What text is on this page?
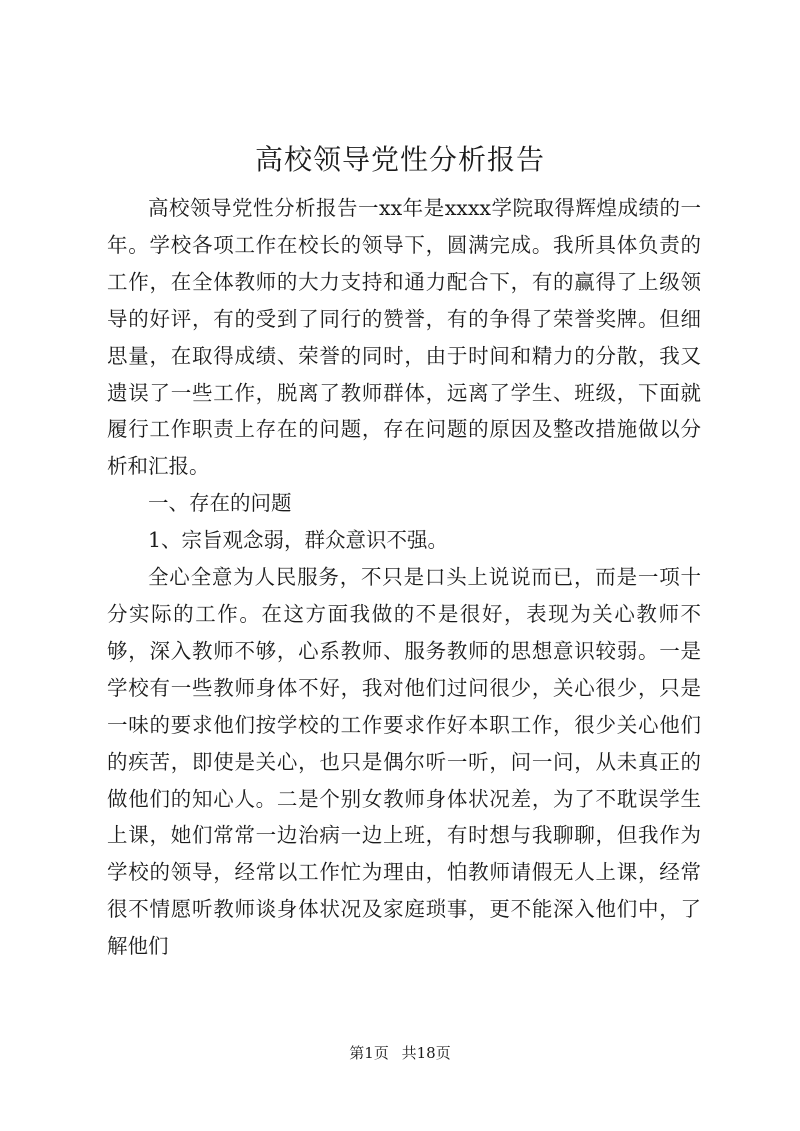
高校领导党性分析报告

高校领导党性分析报告一xx年是xxxx学院取得辉煌成绩的一年。学校各项工作在校长的领导下，圆满完成。我所具体负责的工作，在全体教师的大力支持和通力配合下，有的赢得了上级领导的好评，有的受到了同行的赞誉，有的争得了荣誉奖牌。但细思量，在取得成绩、荣誉的同时，由于时间和精力的分散，我又遗误了一些工作，脱离了教师群体，远离了学生、班级，下面就履行工作职责上存在的问题，存在问题的原因及整改措施做以分析和汇报。

一、存在的问题

1、宗旨观念弱，群众意识不强。

全心全意为人民服务，不只是口头上说说而已，而是一项十分实际的工作。在这方面我做的不是很好，表现为关心教师不够，深入教师不够，心系教师、服务教师的思想意识较弱。一是学校有一些教师身体不好，我对他们过问很少，关心很少，只是一味的要求他们按学校的工作要求作好本职工作，很少关心他们的疾苦，即使是关心，也只是偶尔听一听，问一问，从未真正的做他们的知心人。二是个别女教师身体状况差，为了不耽误学生上课，她们常常一边治病一边上班，有时想与我聊聊，但我作为学校的领导，经常以工作忙为理由，怕教师请假无人上课，经常很不情愿听教师谈身体状况及家庭琐事，更不能深入他们中，了解他们

第1页 共18页
